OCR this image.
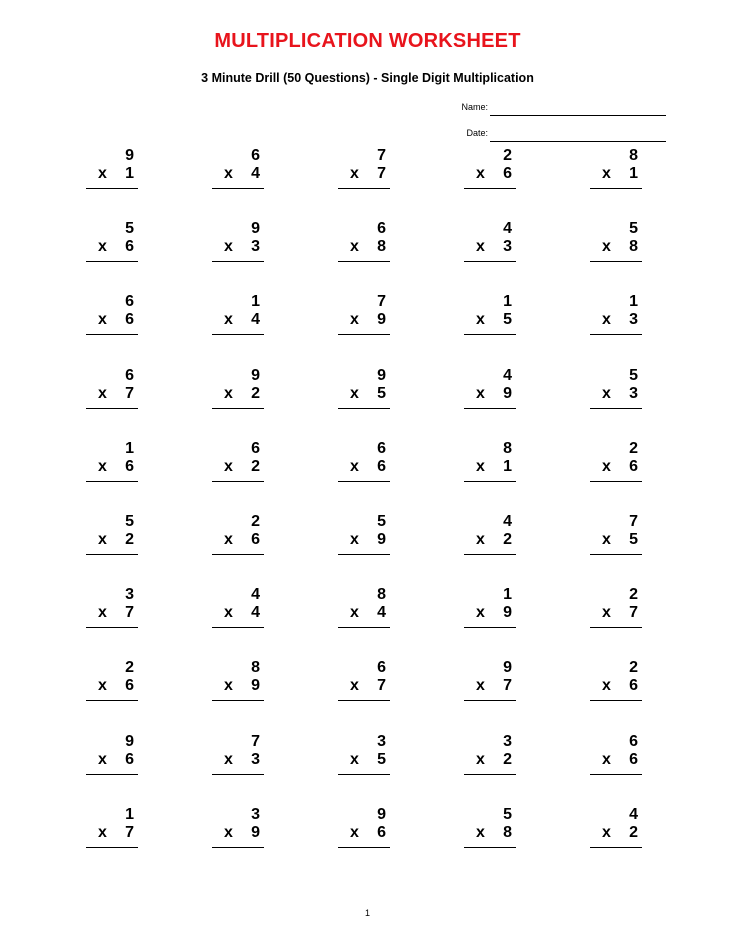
MULTIPLICATION WORKSHEET
3 Minute Drill (50 Questions) - Single Digit Multiplication
Name:
Date:
9
x 1
6
x 4
7
x 7
2
x 6
8
x 1
5
x 6
9
x 3
6
x 8
4
x 3
5
x 8
6
x 6
1
x 4
7
x 9
1
x 5
1
x 3
6
x 7
9
x 2
9
x 5
4
x 9
5
x 3
1
x 6
6
x 2
6
x 6
8
x 1
2
x 6
5
x 2
2
x 6
5
x 9
4
x 2
7
x 5
3
x 7
4
x 4
8
x 4
1
x 9
2
x 7
2
x 6
8
x 9
6
x 7
9
x 7
2
x 6
9
x 6
7
x 3
3
x 5
3
x 2
6
x 6
1
x 7
3
x 9
9
x 6
5
x 8
4
x 2
1
